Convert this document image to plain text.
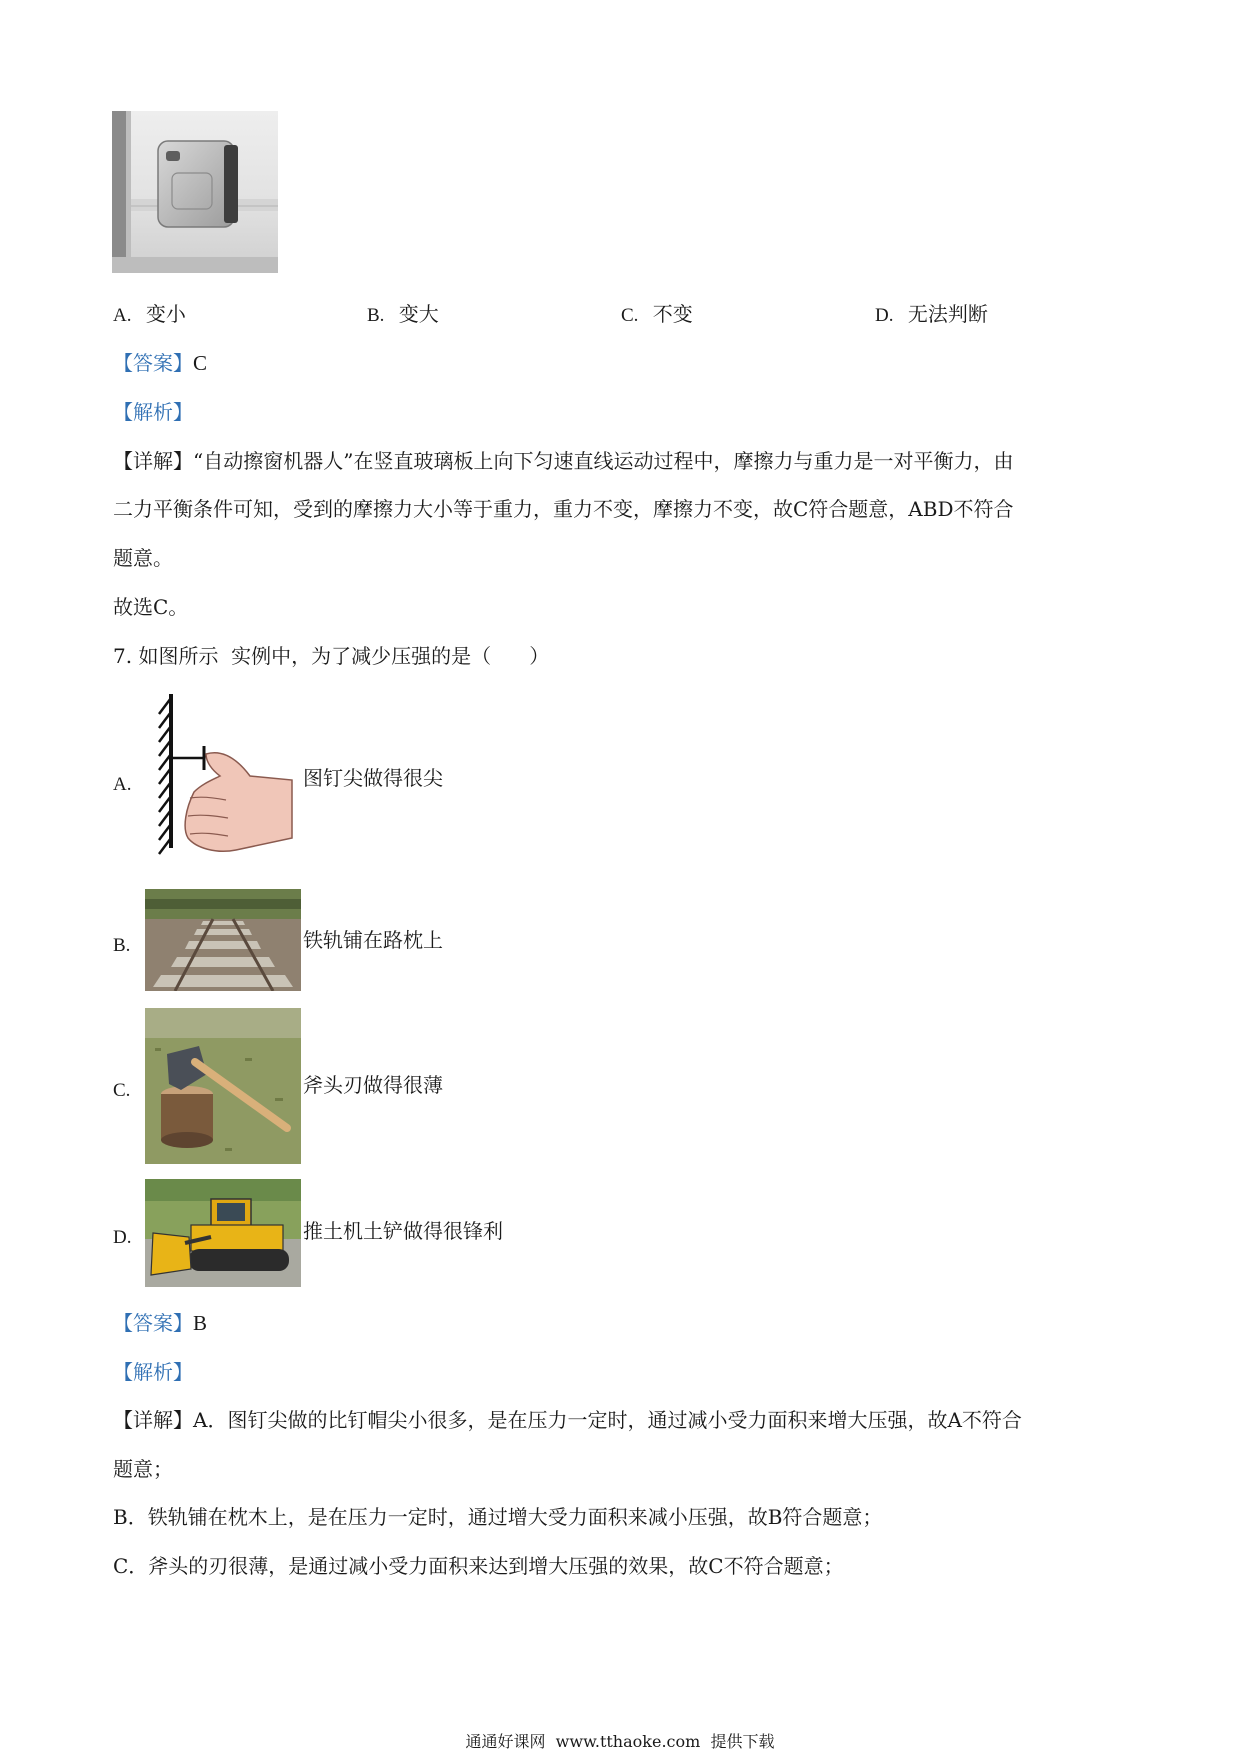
A. 变小	B. 变大	C. 不变	D. 无法判断
【答案】C
【解析】
【详解】“自动擦窗机器人”在竖直玻璃板上向下匀速直线运动过程中，摩擦力与重力是一对平衡力，由
二力平衡条件可知，受到的摩擦力大小等于重力，重力不变，摩擦力不变，故C符合题意，ABD不符合
题意。
故选C。
7. 如图所示  实例中，为了减少压强的是（      ）
A.	图钉尖做得很尖
B.	铁轨铺在路枕上
C.	斧头刃做得很薄
D.	推土机土铲做得很锋利
【答案】B
【解析】
【详解】A．图钉尖做的比钉帽尖小很多，是在压力一定时，通过减小受力面积来增大压强，故A不符合
题意；
B．铁轨铺在枕木上，是在压力一定时，通过增大受力面积来减小压强，故B符合题意；
C．斧头的刃很薄，是通过减小受力面积来达到增大压强的效果，故C不符合题意；
通通好课网  www.tthaoke.com  提供下载
